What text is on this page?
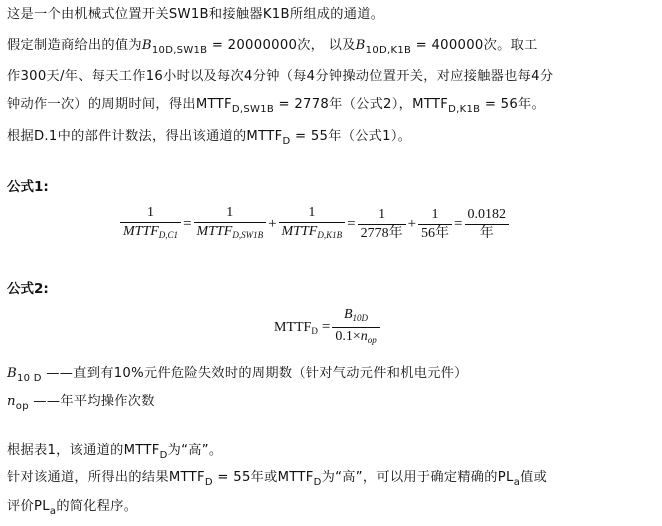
这是一个由机械式位置开关SW1B和接触器K1B所组成的通道。
假定制造商给出的值为$B_{10D,SW1B} = 20000000$次， 以及$B_{10D,K1B} = 400000$次。取工
作300天/年、每天工作16小时以及每次4分钟（每4分钟操动位置开关，对应接触器也每4分
钟动作一次）的周期时间，得出$MTTF_{D,SW1B} = 2778$年（公式2），$MTTF_{D,K1B} = 56$年。
根据D.1中的部件计数法，得出该通道的$MTTF_D = 55$年（公式1）。
公式1:
$\frac{1}{MTTF_{D,C1}} = \frac{1}{MTTF_{D,SW1B}} + \frac{1}{MTTF_{D,K1B}} = \frac{1}{\text{2778年}} + \frac{1}{\text{56年}} = \frac{0.0182}{\text{年}}$
公式2:
$MTTF_D = \frac{B_{10D}}{0.1\times n_{op}}$
$B_{10 D}$ ——直到有10%元件危险失效时的周期数（针对气动元件和机电元件）
$n_{op}$ ——年平均操作次数
根据表1，该通道的$MTTF_D$为“高”。
针对该通道，所得出的结果$MTTF_D = 55$年或$MTTF_D$为“高”，可以用于确定精确的$PL_a$值或
评价$PL_a$的简化程序。
